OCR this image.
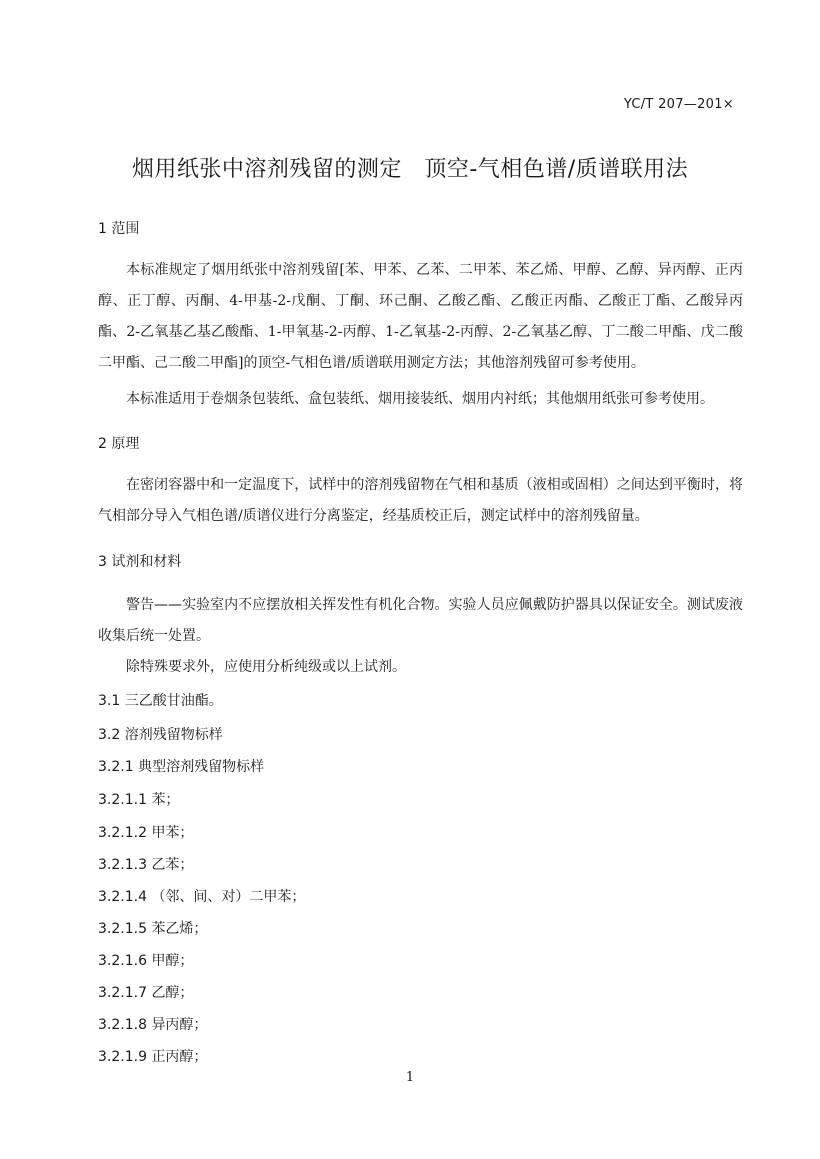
YC/T 207—201×
烟用纸张中溶剂残留的测定　顶空-气相色谱/质谱联用法
1 范围
本标准规定了烟用纸张中溶剂残留[苯、甲苯、乙苯、二甲苯、苯乙烯、甲醇、乙醇、异丙醇、正丙醇、正丁醇、丙酮、4-甲基-2-戊酮、丁酮、环己酮、乙酸乙酯、乙酸正丙酯、乙酸正丁酯、乙酸异丙酯、2-乙氧基乙基乙酸酯、1-甲氧基-2-丙醇、1-乙氧基-2-丙醇、2-乙氧基乙醇、丁二酸二甲酯、戊二酸二甲酯、己二酸二甲酯]的顶空-气相色谱/质谱联用测定方法；其他溶剂残留可参考使用。
本标准适用于卷烟条包装纸、盒包装纸、烟用接装纸、烟用内衬纸；其他烟用纸张可参考使用。
2 原理
在密闭容器中和一定温度下，试样中的溶剂残留物在气相和基质（液相或固相）之间达到平衡时，将气相部分导入气相色谱/质谱仪进行分离鉴定，经基质校正后，测定试样中的溶剂残留量。
3 试剂和材料
警告——实验室内不应摆放相关挥发性有机化合物。实验人员应佩戴防护器具以保证安全。测试废液收集后统一处置。
除特殊要求外，应使用分析纯级或以上试剂。
3.1 三乙酸甘油酯。
3.2 溶剂残留物标样
3.2.1 典型溶剂残留物标样
3.2.1.1 苯；
3.2.1.2 甲苯；
3.2.1.3 乙苯；
3.2.1.4 （邻、间、对）二甲苯；
3.2.1.5 苯乙烯；
3.2.1.6 甲醇；
3.2.1.7 乙醇；
3.2.1.8 异丙醇；
3.2.1.9 正丙醇；
1
